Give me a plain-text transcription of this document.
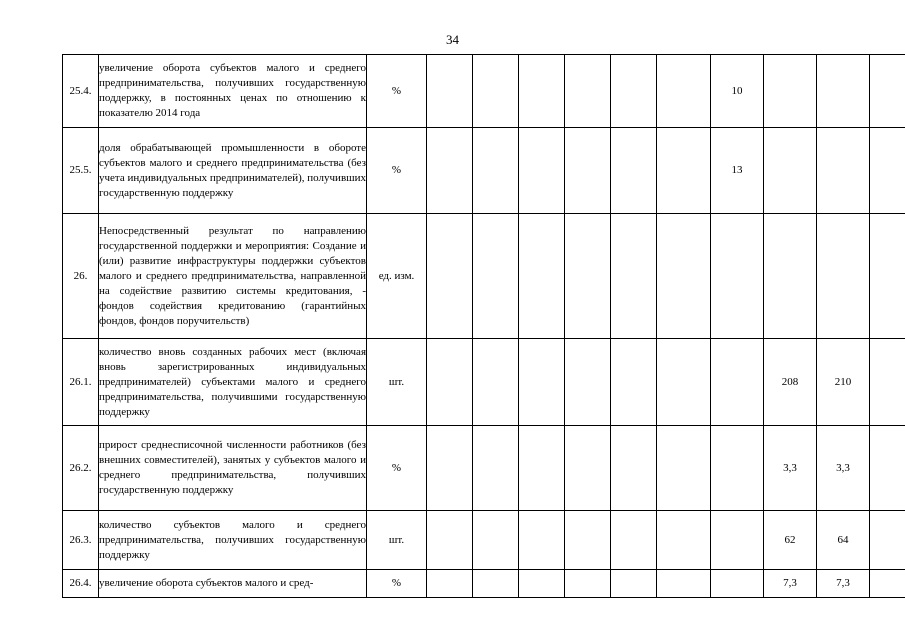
34
25.4.	увеличение оборота субъектов малого и среднего предпринимательства, получивших государственную поддержку, в постоянных ценах по отношению к показателю 2014 года	%							10			
25.5.	доля обрабатывающей промышленности в обороте субъектов малого и среднего предпринимательства (без учета индивидуальных предпринимателей), получивших государственную поддержку	%							13			
26.	Непосредственный результат по направлению государственной поддержки и мероприятия: Создание и (или) развитие инфраструктуры поддержки субъектов малого и среднего предпринимательства, направленной на содействие развитию системы кредитования, - фондов содействия кредитованию (гарантийных фондов, фондов поручительств)	ед. изм.										
26.1.	количество вновь созданных рабочих мест (включая вновь зарегистрированных индивидуальных предпринимателей) субъектами малого и среднего предпринимательства, получившими государственную поддержку	шт.								208	210	
26.2.	прирост среднесписочной численности работников (без внешних совместителей), занятых у субъектов малого и среднего предпринимательства, получивших государственную поддержку	%								3,3	3,3	
26.3.	количество субъектов малого и среднего предпринимательства, получивших государственную поддержку	шт.								62	64	
26.4.	увеличение оборота субъектов малого и сред-	%								7,3	7,3	
